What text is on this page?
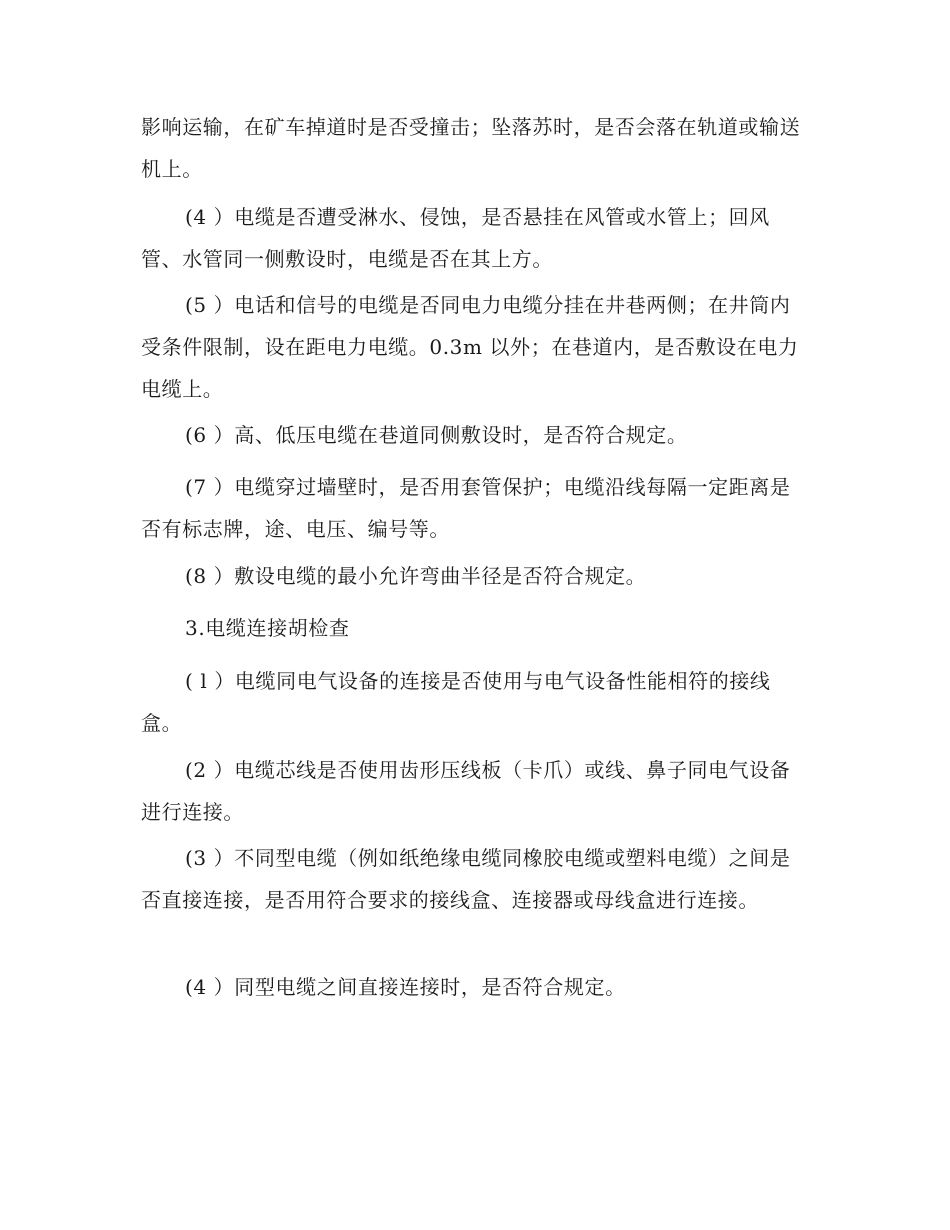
影响运输，在矿车掉道时是否受撞击；坠落苏时，是否会落在轨道或输送机上。

(4 ）电缆是否遭受淋水、侵蚀，是否悬挂在风管或水管上；回风管、水管同一侧敷设时，电缆是否在其上方。

(5 ）电话和信号的电缆是否同电力电缆分挂在井巷两侧；在井筒内受条件限制，设在距电力电缆。0.3m 以外；在巷道内，是否敷设在电力电缆上。

(6 ）高、低压电缆在巷道同侧敷设时，是否符合规定。

(7 ）电缆穿过墙壁时，是否用套管保护；电缆沿线每隔一定距离是否有标志牌，途、电压、编号等。

(8 ）敷设电缆的最小允许弯曲半径是否符合规定。

3.电缆连接胡检查

( l ）电缆同电气设备的连接是否使用与电气设备性能相符的接线盒。

(2 ）电缆芯线是否使用齿形压线板（卡爪）或线、鼻子同电气设备进行连接。

(3 ）不同型电缆（例如纸绝缘电缆同橡胶电缆或塑料电缆）之间是否直接连接，是否用符合要求的接线盒、连接器或母线盒进行连接。

(4 ）同型电缆之间直接连接时，是否符合规定。
